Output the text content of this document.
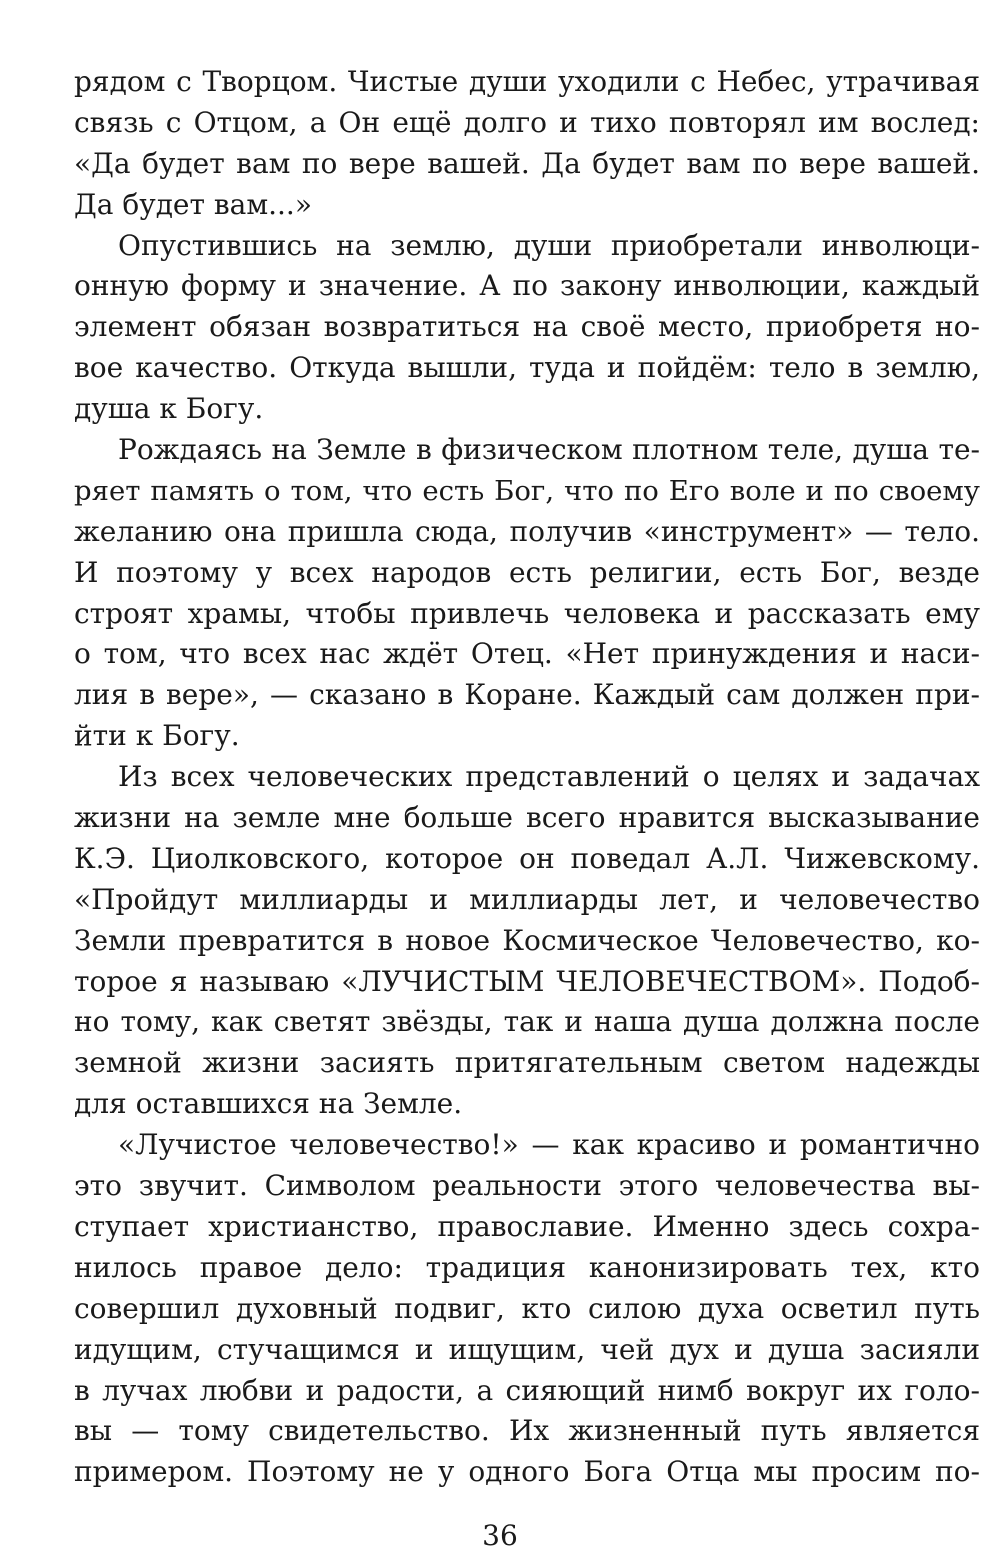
рядом с Творцом. Чистые души уходили с Небес, утрачивая
связь с Отцом, а Он ещё долго и тихо повторял им вослед:
«Да будет вам по вере вашей. Да будет вам по вере вашей.
Да будет вам...»
Опустившись на землю, души приобретали инволюци-
онную форму и значение. А по закону инволюции, каждый
элемент обязан возвратиться на своё место, приобретя но-
вое качество. Откуда вышли, туда и пойдём: тело в землю,
душа к Богу.
Рождаясь на Земле в физическом плотном теле, душа те-
ряет память о том, что есть Бог, что по Его воле и по своему
желанию она пришла сюда, получив «инструмент» — тело.
И поэтому у всех народов есть религии, есть Бог, везде
строят храмы, чтобы привлечь человека и рассказать ему
о том, что всех нас ждёт Отец. «Нет принуждения и наси-
лия в вере», — сказано в Коране. Каждый сам должен при-
йти к Богу.
Из всех человеческих представлений о целях и задачах
жизни на земле мне больше всего нравится высказывание
К.Э. Циолковского, которое он поведал А.Л. Чижевскому.
«Пройдут миллиарды и миллиарды лет, и человечество
Земли превратится в новое Космическое Человечество, ко-
торое я называю «ЛУЧИСТЫМ ЧЕЛОВЕЧЕСТВОМ». Подоб-
но тому, как светят звёзды, так и наша душа должна после
земной жизни засиять притягательным светом надежды
для оставшихся на Земле.
«Лучистое человечество!» — как красиво и романтично
это звучит. Символом реальности этого человечества вы-
ступает христианство, православие. Именно здесь сохра-
нилось правое дело: традиция канонизировать тех, кто
совершил духовный подвиг, кто силою духа осветил путь
идущим, стучащимся и ищущим, чей дух и душа засияли
в лучах любви и радости, а сияющий нимб вокруг их голо-
вы — тому свидетельство. Их жизненный путь является
примером. Поэтому не у одного Бога Отца мы просим по-
36
